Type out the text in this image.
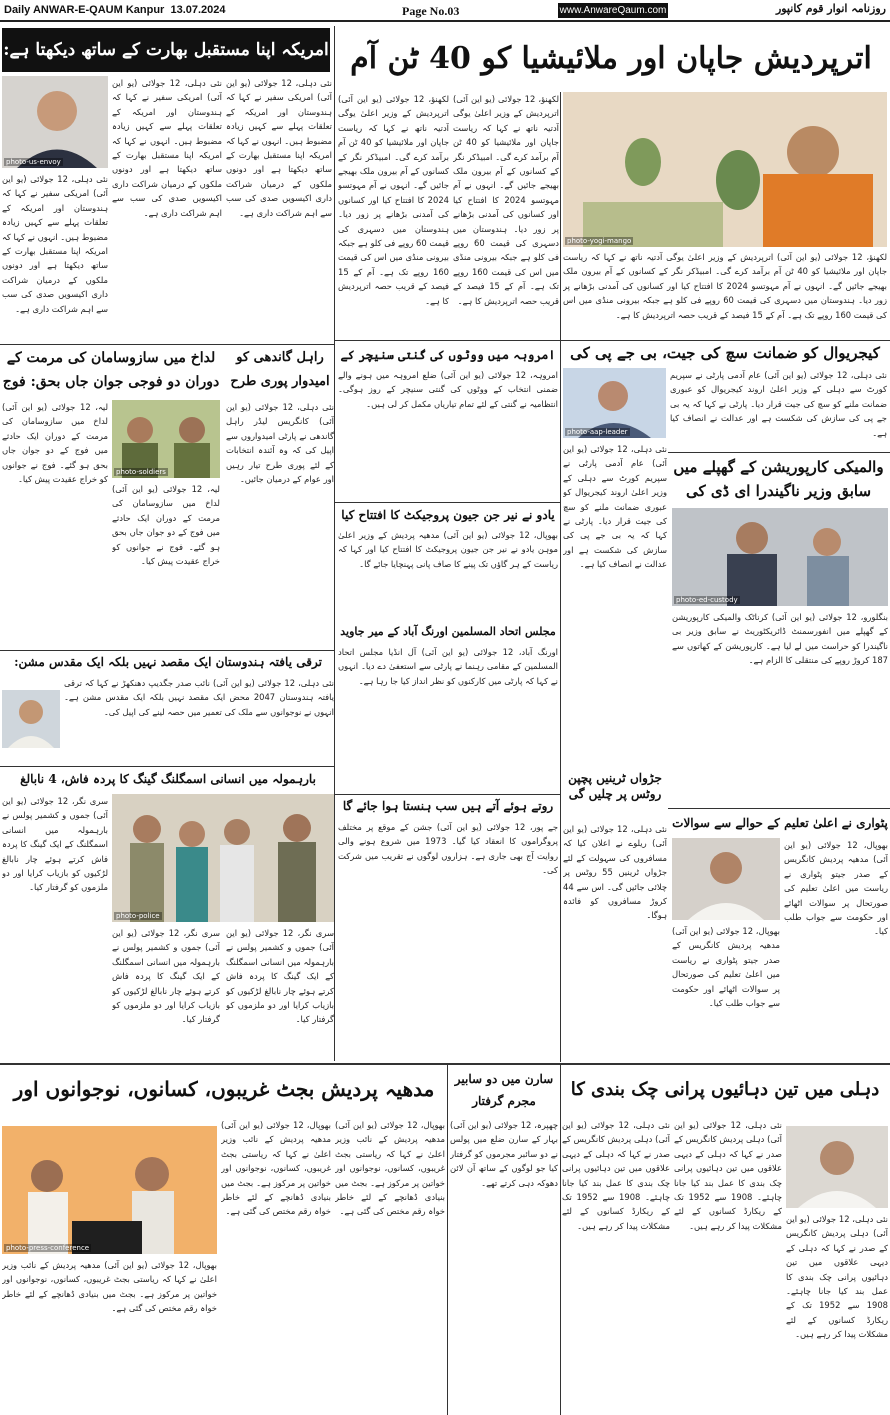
Daily ANWAR-E-QAUM Kanpur 13.07.2024	Page No.03	www.AnwareQaum.com	روزنامہ انوار قوم کانپور
اترپردیش جاپان اور ملائیشیا کو 40 ٹن آم
امریکہ اپنا مستقبل بھارت کے ساتھ دیکھتا ہے:
photo-yogi-mango
لکھنؤ، 12 جولائی (یو این آئی) اترپردیش کے وزیر اعلیٰ یوگی آدتیہ ناتھ نے کہا کہ ریاست جاپان اور ملائیشیا کو 40 ٹن آم برآمد کرے گی۔ امبیڈکر نگر کے کسانوں کے آم بیرون ملک بھیجے جائیں گے۔ انہوں نے آم مہوتسو 2024 کا افتتاح کیا اور کسانوں کی آمدنی بڑھانے پر زور دیا۔ ہندوستان میں دسہری کی قیمت 60 روپے فی کلو ہے جبکہ بیرونی منڈی میں اس کی قیمت 160 روپے تک ہے۔ آم کے 15 فیصد کے قریب حصہ اترپردیش کا ہے۔
لکھنؤ، 12 جولائی (یو این آئی) اترپردیش کے وزیر اعلیٰ یوگی آدتیہ ناتھ نے کہا کہ ریاست جاپان اور ملائیشیا کو 40 ٹن آم برآمد کرے گی۔ امبیڈکر نگر کے کسانوں کے آم بیرون ملک بھیجے جائیں گے۔ انہوں نے آم مہوتسو 2024 کا افتتاح کیا اور کسانوں کی آمدنی بڑھانے پر زور دیا۔ ہندوستان میں دسہری کی قیمت 60 روپے فی کلو ہے جبکہ بیرونی منڈی میں اس کی قیمت 160 روپے تک ہے۔ آم کے 15 فیصد کے قریب حصہ اترپردیش کا ہے۔
لکھنؤ، 12 جولائی (یو این آئی) اترپردیش کے وزیر اعلیٰ یوگی آدتیہ ناتھ نے کہا کہ ریاست جاپان اور ملائیشیا کو 40 ٹن آم برآمد کرے گی۔ امبیڈکر نگر کے کسانوں کے آم بیرون ملک بھیجے جائیں گے۔ انہوں نے آم مہوتسو 2024 کا افتتاح کیا اور کسانوں کی آمدنی بڑھانے پر زور دیا۔ ہندوستان میں دسہری کی قیمت 60 روپے فی کلو ہے جبکہ بیرونی منڈی میں اس کی قیمت 160 روپے تک ہے۔ آم کے 15 فیصد کے قریب حصہ اترپردیش کا ہے۔
photo-us-envoy
نئی دہلی، 12 جولائی (یو این آئی) امریکی سفیر نے کہا کہ ہندوستان اور امریکہ کے تعلقات پہلے سے کہیں زیادہ مضبوط ہیں۔ انہوں نے کہا کہ امریکہ اپنا مستقبل بھارت کے ساتھ دیکھتا ہے اور دونوں ملکوں کے درمیان شراکت داری اکیسویں صدی کی سب سے اہم شراکت داری ہے۔
نئی دہلی، 12 جولائی (یو این آئی) امریکی سفیر نے کہا کہ ہندوستان اور امریکہ کے تعلقات پہلے سے کہیں زیادہ مضبوط ہیں۔ انہوں نے کہا کہ امریکہ اپنا مستقبل بھارت کے ساتھ دیکھتا ہے اور دونوں ملکوں کے درمیان شراکت داری اکیسویں صدی کی سب سے اہم شراکت داری ہے۔
نئی دہلی، 12 جولائی (یو این آئی) امریکی سفیر نے کہا کہ ہندوستان اور امریکہ کے تعلقات پہلے سے کہیں زیادہ مضبوط ہیں۔ انہوں نے کہا کہ امریکہ اپنا مستقبل بھارت کے ساتھ دیکھتا ہے اور دونوں ملکوں کے درمیان شراکت داری اکیسویں صدی کی سب سے اہم شراکت داری ہے۔
کیجریوال کو ضمانت سچ کی جیت، بی جے پی کی
photo-aap-leader
نئی دہلی، 12 جولائی (یو این آئی) عام آدمی پارٹی نے سپریم کورٹ سے دہلی کے وزیر اعلیٰ اروند کیجریوال کو عبوری ضمانت ملنے کو سچ کی جیت قرار دیا۔ پارٹی نے کہا کہ یہ بی جے پی کی سازش کی شکست ہے اور عدالت نے انصاف کیا ہے۔
نئی دہلی، 12 جولائی (یو این آئی) عام آدمی پارٹی نے سپریم کورٹ سے دہلی کے وزیر اعلیٰ اروند کیجریوال کو عبوری ضمانت ملنے کو سچ کی جیت قرار دیا۔ پارٹی نے کہا کہ یہ بی جے پی کی سازش کی شکست ہے اور عدالت نے انصاف کیا ہے۔
امروہہ میں ووٹوں کی گنتی سنیچر کے
امروہہ، 12 جولائی (یو این آئی) ضلع امروہہ میں ہونے والے ضمنی انتخاب کے ووٹوں کی گنتی سنیچر کے روز ہوگی۔ انتظامیہ نے گنتی کے لئے تمام تیاریاں مکمل کر لی ہیں۔
والمیکی کارپوریشن کے گھپلے میں سابق وزیر ناگیندرا ای ڈی کی
photo-ed-custody
بنگلورو، 12 جولائی (یو این آئی) کرناٹک والمیکی کارپوریشن کے گھپلے میں انفورسمنٹ ڈائریکٹوریٹ نے سابق وزیر بی ناگیندرا کو حراست میں لے لیا ہے۔ کارپوریشن کے کھاتوں سے 187 کروڑ روپے کی منتقلی کا الزام ہے۔
یادو نے نیر جن جیون پروجیکٹ کا افتتاح کیا
بھوپال، 12 جولائی (یو این آئی) مدھیہ پردیش کے وزیر اعلیٰ موہن یادو نے نیر جن جیون پروجیکٹ کا افتتاح کیا اور کہا کہ ریاست کے ہر گاؤں تک پینے کا صاف پانی پہنچایا جائے گا۔
مجلس اتحاد المسلمین اورنگ آباد کے میر جاوید
اورنگ آباد، 12 جولائی (یو این آئی) آل انڈیا مجلس اتحاد المسلمین کے مقامی رہنما نے پارٹی سے استعفیٰ دے دیا۔ انہوں نے کہا کہ پارٹی میں کارکنوں کو نظر انداز کیا جا رہا ہے۔
لداخ میں سازوسامان کی مرمت کے دوران دو فوجی جوان جاں بحق: فوج
photo-soldiers
لیہ، 12 جولائی (یو این آئی) لداخ میں سازوسامان کی مرمت کے دوران ایک حادثے میں فوج کے دو جوان جاں بحق ہو گئے۔ فوج نے جوانوں کو خراج عقیدت پیش کیا۔
لیہ، 12 جولائی (یو این آئی) لداخ میں سازوسامان کی مرمت کے دوران ایک حادثے میں فوج کے دو جوان جاں بحق ہو گئے۔ فوج نے جوانوں کو خراج عقیدت پیش کیا۔
راہل گاندھی کو امیدوار پوری طرح
نئی دہلی، 12 جولائی (یو این آئی) کانگریس لیڈر راہل گاندھی نے پارٹی امیدواروں سے اپیل کی کہ وہ آئندہ انتخابات کے لئے پوری طرح تیار رہیں اور عوام کے درمیان جائیں۔
ترقی یافتہ ہندوستان ایک مقصد نہیں بلکہ ایک مقدس مشن:
نئی دہلی، 12 جولائی (یو این آئی) نائب صدر جگدیپ دھنکھڑ نے کہا کہ ترقی یافتہ ہندوستان 2047 محض ایک مقصد نہیں بلکہ ایک مقدس مشن ہے۔ انہوں نے نوجوانوں سے ملک کی تعمیر میں حصہ لینے کی اپیل کی۔
بارہمولہ میں انسانی اسمگلنگ گینگ کا پردہ فاش، 4 نابالغ
photo-police
سری نگر، 12 جولائی (یو این آئی) جموں و کشمیر پولس نے بارہمولہ میں انسانی اسمگلنگ کے ایک گینگ کا پردہ فاش کرتے ہوئے چار نابالغ لڑکیوں کو بازیاب کرایا اور دو ملزموں کو گرفتار کیا۔
سری نگر، 12 جولائی (یو این آئی) جموں و کشمیر پولس نے بارہمولہ میں انسانی اسمگلنگ کے ایک گینگ کا پردہ فاش کرتے ہوئے چار نابالغ لڑکیوں کو بازیاب کرایا اور دو ملزموں کو گرفتار کیا۔
سری نگر، 12 جولائی (یو این آئی) جموں و کشمیر پولس نے بارہمولہ میں انسانی اسمگلنگ کے ایک گینگ کا پردہ فاش کرتے ہوئے چار نابالغ لڑکیوں کو بازیاب کرایا اور دو ملزموں کو گرفتار کیا۔
روتے ہوئے آتے ہیں سب ہنستا ہوا جائے گا
جے پور، 12 جولائی (یو این آئی) جشن کے موقع پر مختلف پروگراموں کا انعقاد کیا گیا۔ 1973 میں شروع ہونے والی روایت آج بھی جاری ہے۔ ہزاروں لوگوں نے تقریب میں شرکت کی۔
جڑواں ٹرینیں پچپن روٹس پر چلیں گی
نئی دہلی، 12 جولائی (یو این آئی) ریلوے نے اعلان کیا کہ مسافروں کی سہولت کے لئے جڑواں ٹرینیں 55 روٹس پر چلائی جائیں گی۔ اس سے 44 کروڑ مسافروں کو فائدہ ہوگا۔
پٹواری نے اعلیٰ تعلیم کے حوالے سے سوالات
بھوپال، 12 جولائی (یو این آئی) مدھیہ پردیش کانگریس کے صدر جیتو پٹواری نے ریاست میں اعلیٰ تعلیم کی صورتحال پر سوالات اٹھائے اور حکومت سے جواب طلب کیا۔
بھوپال، 12 جولائی (یو این آئی) مدھیہ پردیش کانگریس کے صدر جیتو پٹواری نے ریاست میں اعلیٰ تعلیم کی صورتحال پر سوالات اٹھائے اور حکومت سے جواب طلب کیا۔
مدھیہ پردیش بجٹ غریبوں، کسانوں، نوجوانوں اور
photo-press-conference
بھوپال، 12 جولائی (یو این آئی) مدھیہ پردیش کے نائب وزیر اعلیٰ نے کہا کہ ریاستی بجٹ غریبوں، کسانوں، نوجوانوں اور خواتین پر مرکوز ہے۔ بجٹ میں بنیادی ڈھانچے کے لئے خاطر خواہ رقم مختص کی گئی ہے۔
بھوپال، 12 جولائی (یو این آئی) مدھیہ پردیش کے نائب وزیر اعلیٰ نے کہا کہ ریاستی بجٹ غریبوں، کسانوں، نوجوانوں اور خواتین پر مرکوز ہے۔ بجٹ میں بنیادی ڈھانچے کے لئے خاطر خواہ رقم مختص کی گئی ہے۔
بھوپال، 12 جولائی (یو این آئی) مدھیہ پردیش کے نائب وزیر اعلیٰ نے کہا کہ ریاستی بجٹ غریبوں، کسانوں، نوجوانوں اور خواتین پر مرکوز ہے۔ بجٹ میں بنیادی ڈھانچے کے لئے خاطر خواہ رقم مختص کی گئی ہے۔
سارن میں دو سابیر مجرم گرفتار
چھپرہ، 12 جولائی (یو این آئی) بہار کے سارن ضلع میں پولس نے دو سائبر مجرموں کو گرفتار کیا جو لوگوں کے ساتھ آن لائن دھوکہ دہی کرتے تھے۔
دہلی میں تین دہائیوں پرانی چک بندی کا
نئی دہلی، 12 جولائی (یو این آئی) دہلی پردیش کانگریس کے صدر نے کہا کہ دہلی کے دیہی علاقوں میں تین دہائیوں پرانی چک بندی کا عمل بند کیا جانا چاہئے۔ 1908 سے 1952 تک کے ریکارڈ کسانوں کے لئے مشکلات پیدا کر رہے ہیں۔
نئی دہلی، 12 جولائی (یو این آئی) دہلی پردیش کانگریس کے صدر نے کہا کہ دہلی کے دیہی علاقوں میں تین دہائیوں پرانی چک بندی کا عمل بند کیا جانا چاہئے۔ 1908 سے 1952 تک کے ریکارڈ کسانوں کے لئے مشکلات پیدا کر رہے ہیں۔
نئی دہلی، 12 جولائی (یو این آئی) دہلی پردیش کانگریس کے صدر نے کہا کہ دہلی کے دیہی علاقوں میں تین دہائیوں پرانی چک بندی کا عمل بند کیا جانا چاہئے۔ 1908 سے 1952 تک کے ریکارڈ کسانوں کے لئے مشکلات پیدا کر رہے ہیں۔
